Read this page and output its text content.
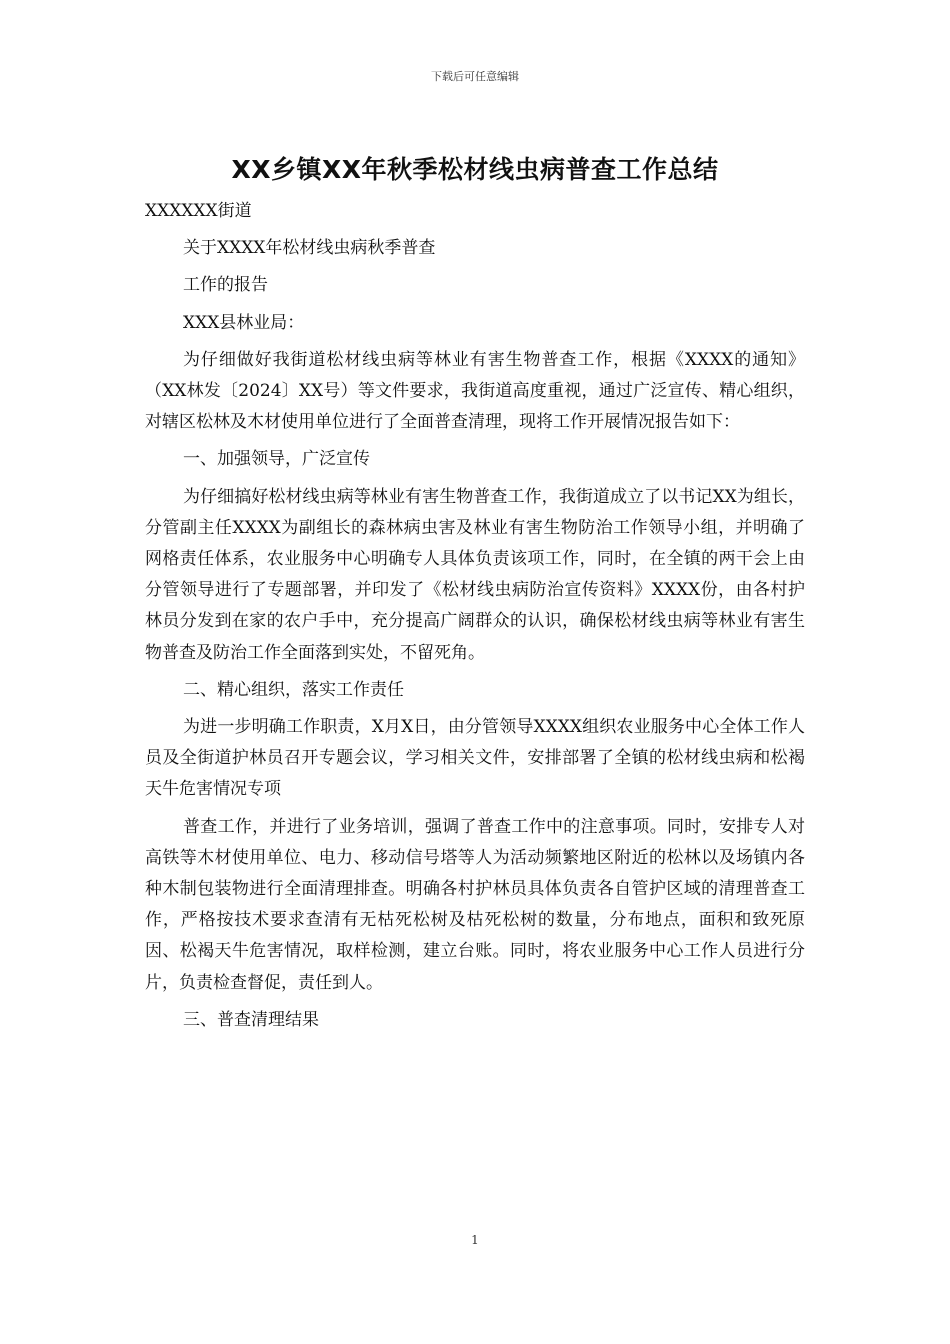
下载后可任意编辑
XX乡镇XX年秋季松材线虫病普查工作总结

XXXXXX街道

关于XXXX年松材线虫病秋季普查

工作的报告

XXX县林业局：

为仔细做好我街道松材线虫病等林业有害生物普查工作，根据《XXXX的通知》（XX林发〔2024〕XX号）等文件要求，我街道高度重视，通过广泛宣传、精心组织，对辖区松林及木材使用单位进行了全面普查清理，现将工作开展情况报告如下：

一、加强领导，广泛宣传

为仔细搞好松材线虫病等林业有害生物普查工作，我街道成立了以书记XX为组长，分管副主任XXXX为副组长的森林病虫害及林业有害生物防治工作领导小组，并明确了网格责任体系，农业服务中心明确专人具体负责该项工作，同时，在全镇的两干会上由分管领导进行了专题部署，并印发了《松材线虫病防治宣传资料》XXXX份，由各村护林员分发到在家的农户手中，充分提高广阔群众的认识，确保松材线虫病等林业有害生物普查及防治工作全面落到实处，不留死角。

二、精心组织，落实工作责任

为进一步明确工作职责，X月X日，由分管领导XXXX组织农业服务中心全体工作人员及全街道护林员召开专题会议，学习相关文件，安排部署了全镇的松材线虫病和松褐天牛危害情况专项

普查工作，并进行了业务培训，强调了普查工作中的注意事项。同时，安排专人对高铁等木材使用单位、电力、移动信号塔等人为活动频繁地区附近的松林以及场镇内各种木制包装物进行全面清理排查。明确各村护林员具体负责各自管护区域的清理普查工作，严格按技术要求查清有无枯死松树及枯死松树的数量，分布地点，面积和致死原因、松褐天牛危害情况，取样检测，建立台账。同时，将农业服务中心工作人员进行分片，负责检查督促，责任到人。

三、普查清理结果

1
